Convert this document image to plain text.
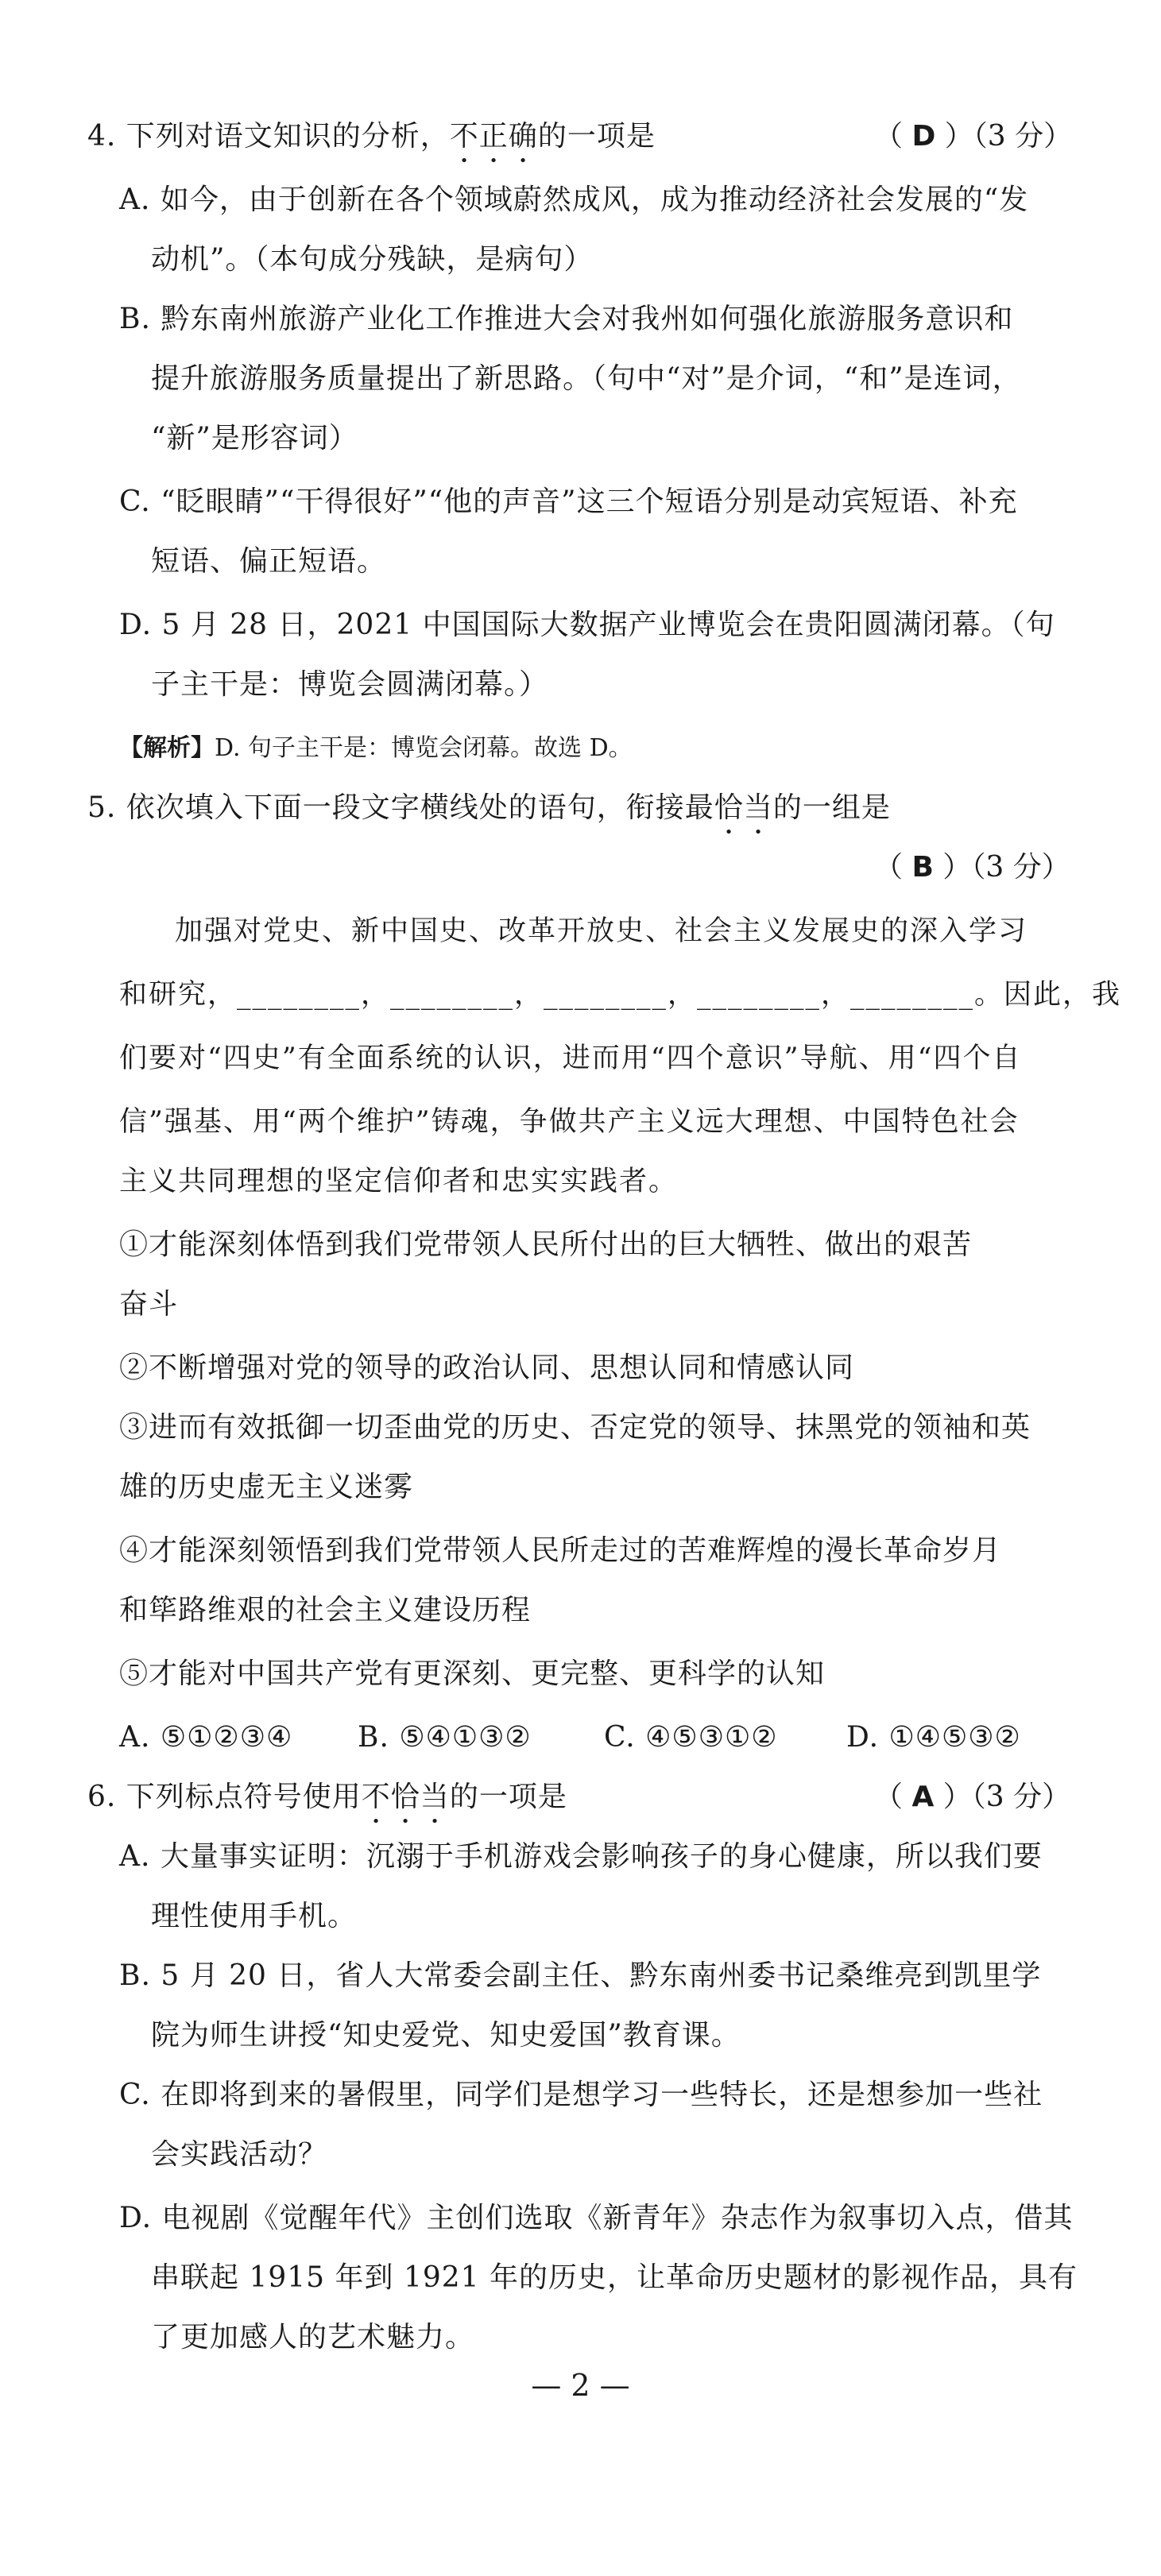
4. 下列对语文知识的分析，不正确的一项是	（ D ）（3 分）
A. 如今，由于创新在各个领域蔚然成风，成为推动经济社会发展的“发
动机”。（本句成分残缺，是病句）
B. 黔东南州旅游产业化工作推进大会对我州如何强化旅游服务意识和
提升旅游服务质量提出了新思路。（句中“对”是介词，“和”是连词，
“新”是形容词）
C. “眨眼睛”“干得很好”“他的声音”这三个短语分别是动宾短语、补充
短语、偏正短语。
D. 5 月 28 日，2021 中国国际大数据产业博览会在贵阳圆满闭幕。（句
子主干是：博览会圆满闭幕。）
【解析】D. 句子主干是：博览会闭幕。故选 D。
5. 依次填入下面一段文字横线处的语句，衔接最恰当的一组是
（ B ）（3 分）
加强对党史、新中国史、改革开放史、社会主义发展史的深入学习
和研究，________，________，________，________，________。因此，我
们要对“四史”有全面系统的认识，进而用“四个意识”导航、用“四个自
信”强基、用“两个维护”铸魂，争做共产主义远大理想、中国特色社会
主义共同理想的坚定信仰者和忠实实践者。
①才能深刻体悟到我们党带领人民所付出的巨大牺牲、做出的艰苦
奋斗
②不断增强对党的领导的政治认同、思想认同和情感认同
③进而有效抵御一切歪曲党的历史、否定党的领导、抹黑党的领袖和英
雄的历史虚无主义迷雾
④才能深刻领悟到我们党带领人民所走过的苦难辉煌的漫长革命岁月
和筚路维艰的社会主义建设历程
⑤才能对中国共产党有更深刻、更完整、更科学的认知
A. ⑤①②③④ B. ⑤④①③②	C. ④⑤③①② D. ①④⑤③②
6. 下列标点符号使用不恰当的一项是	（ A ）（3 分）
A. 大量事实证明：沉溺于手机游戏会影响孩子的身心健康，所以我们要
理性使用手机。
B. 5 月 20 日，省人大常委会副主任、黔东南州委书记桑维亮到凯里学
院为师生讲授“知史爱党、知史爱国”教育课。
C. 在即将到来的暑假里，同学们是想学习一些特长，还是想参加一些社
会实践活动？
D. 电视剧《觉醒年代》主创们选取《新青年》杂志作为叙事切入点，借其
串联起 1915 年到 1921 年的历史，让革命历史题材的影视作品，具有
了更加感人的艺术魅力。
— 2 —
